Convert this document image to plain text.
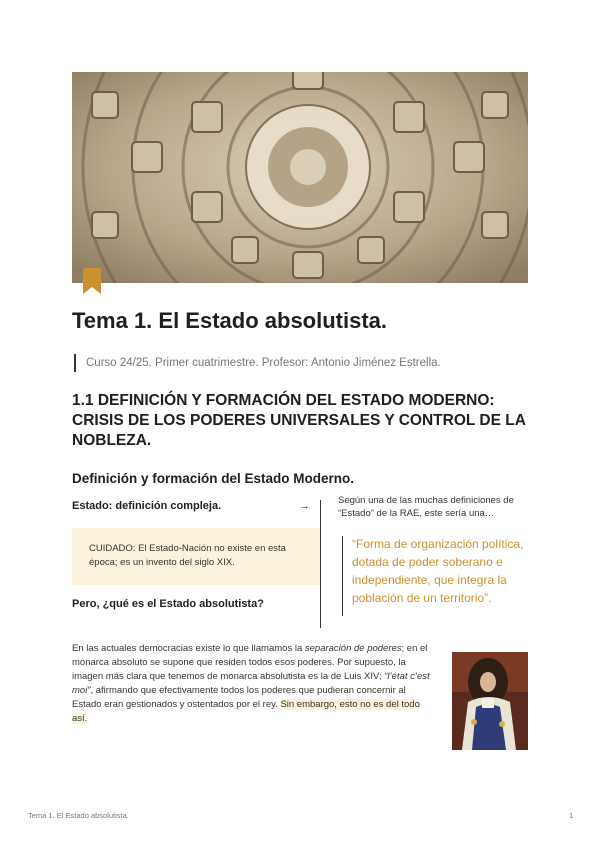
Tema 1. El Estado absolutista.
Curso 24/25. Primer cuatrimestre. Profesor: Antonio Jiménez Estrella.
1.1 DEFINICIÓN Y FORMACIÓN DEL ESTADO MODERNO: CRISIS DE LOS PODERES UNIVERSALES Y CONTROL DE LA NOBLEZA.
Definición y formación del Estado Moderno.
Estado: definición compleja.	→
CUIDADO: El Estado-Nación no existe en esta época; es un invento del siglo XIX.
Pero, ¿qué es el Estado absolutista?
Según una de las muchas definiciones de “Estado” de la RAE, este sería una…
“Forma de organización política, dotada de poder soberano e independiente, que integra la población de un territorio”.
En las actuales democracias existe lo que llamamos la separación de poderes; en el monarca absoluto se supone que residen todos esos poderes. Por supuesto, la imagen más clara que tenemos de monarca absolutista es la de Luis XIV; “l’état c’est moi”, afirmando que efectivamente todos los poderes que pudieran concernir al Estado eran gestionados y ostentados por el rey. Sin embargo, esto no es del todo así.
Tema 1. El Estado absolutista.	1
